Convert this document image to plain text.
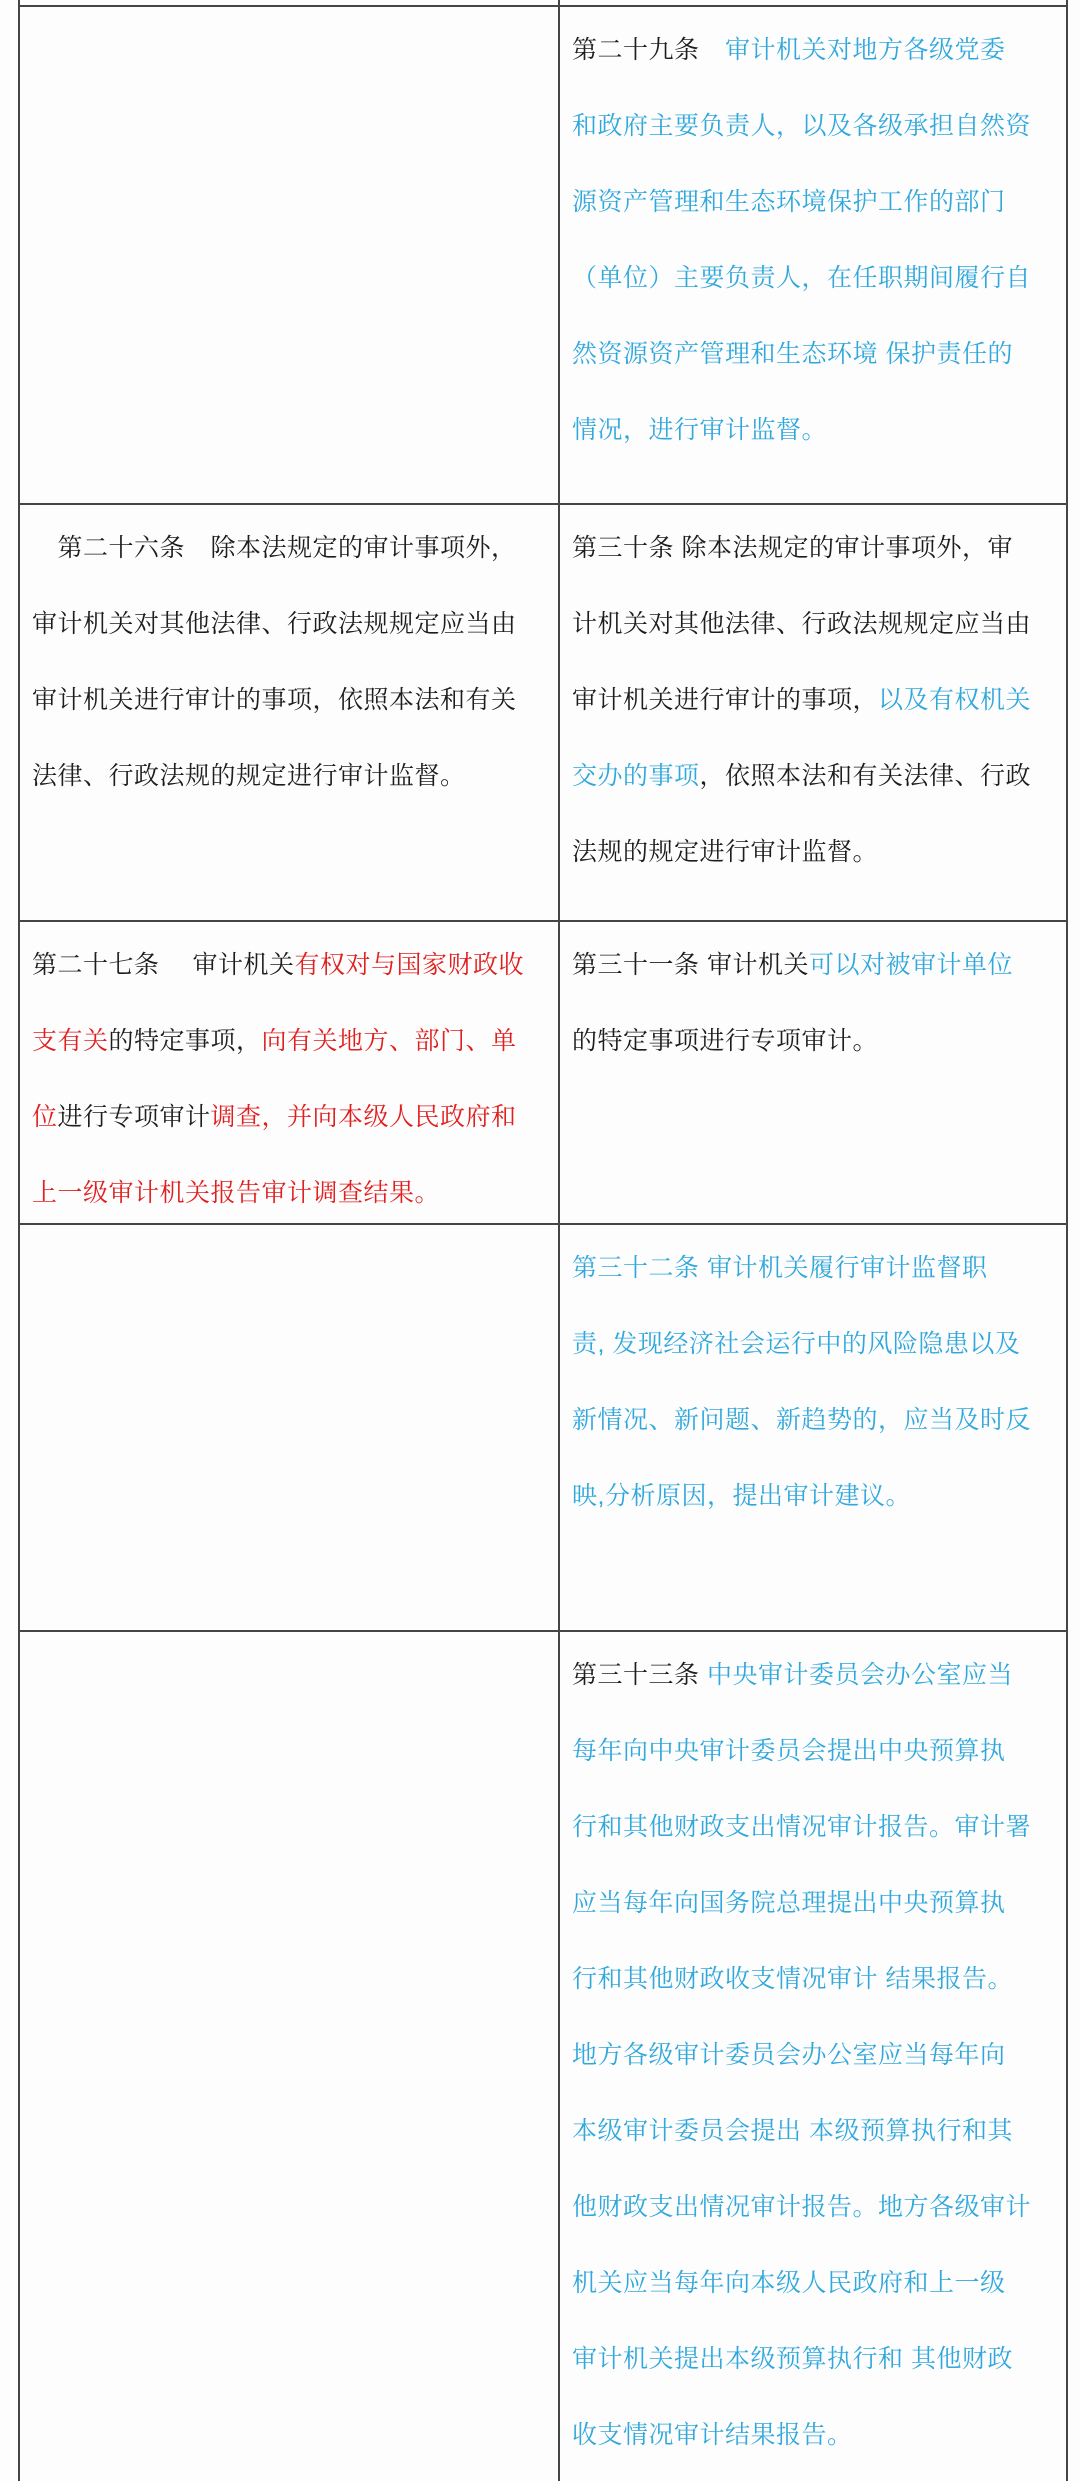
第二十九条　审计机关对地方各级党委
和政府主要负责人，以及各级承担自然资
源资产管理和生态环境保护工作的部门
（单位）主要负责人，在任职期间履行自
然资源资产管理和生态环境 保护责任的
情况，进行审计监督。
　第二十六条　除本法规定的审计事项外，
审计机关对其他法律、行政法规规定应当由
审计机关进行审计的事项，依照本法和有关
法律、行政法规的规定进行审计监督。
第三十条 除本法规定的审计事项外，审
计机关对其他法律、行政法规规定应当由
审计机关进行审计的事项，以及有权机关
交办的事项，依照本法和有关法律、行政
法规的规定进行审计监督。
第二十七条　 审计机关有权对与国家财政收
支有关的特定事项，向有关地方、部门、单
位进行专项审计调查，并向本级人民政府和
上一级审计机关报告审计调查结果。
第三十一条 审计机关可以对被审计单位
的特定事项进行专项审计。
第三十二条 审计机关履行审计监督职
责, 发现经济社会运行中的风险隐患以及
新情况、新问题、新趋势的，应当及时反
映,分析原因，提出审计建议。
第三十三条 中央审计委员会办公室应当
每年向中央审计委员会提出中央预算执
行和其他财政支出情况审计报告。审计署
应当每年向国务院总理提出中央预算执
行和其他财政收支情况审计 结果报告。
地方各级审计委员会办公室应当每年向
本级审计委员会提出 本级预算执行和其
他财政支出情况审计报告。地方各级审计
机关应当每年向本级人民政府和上一级
审计机关提出本级预算执行和 其他财政
收支情况审计结果报告。
